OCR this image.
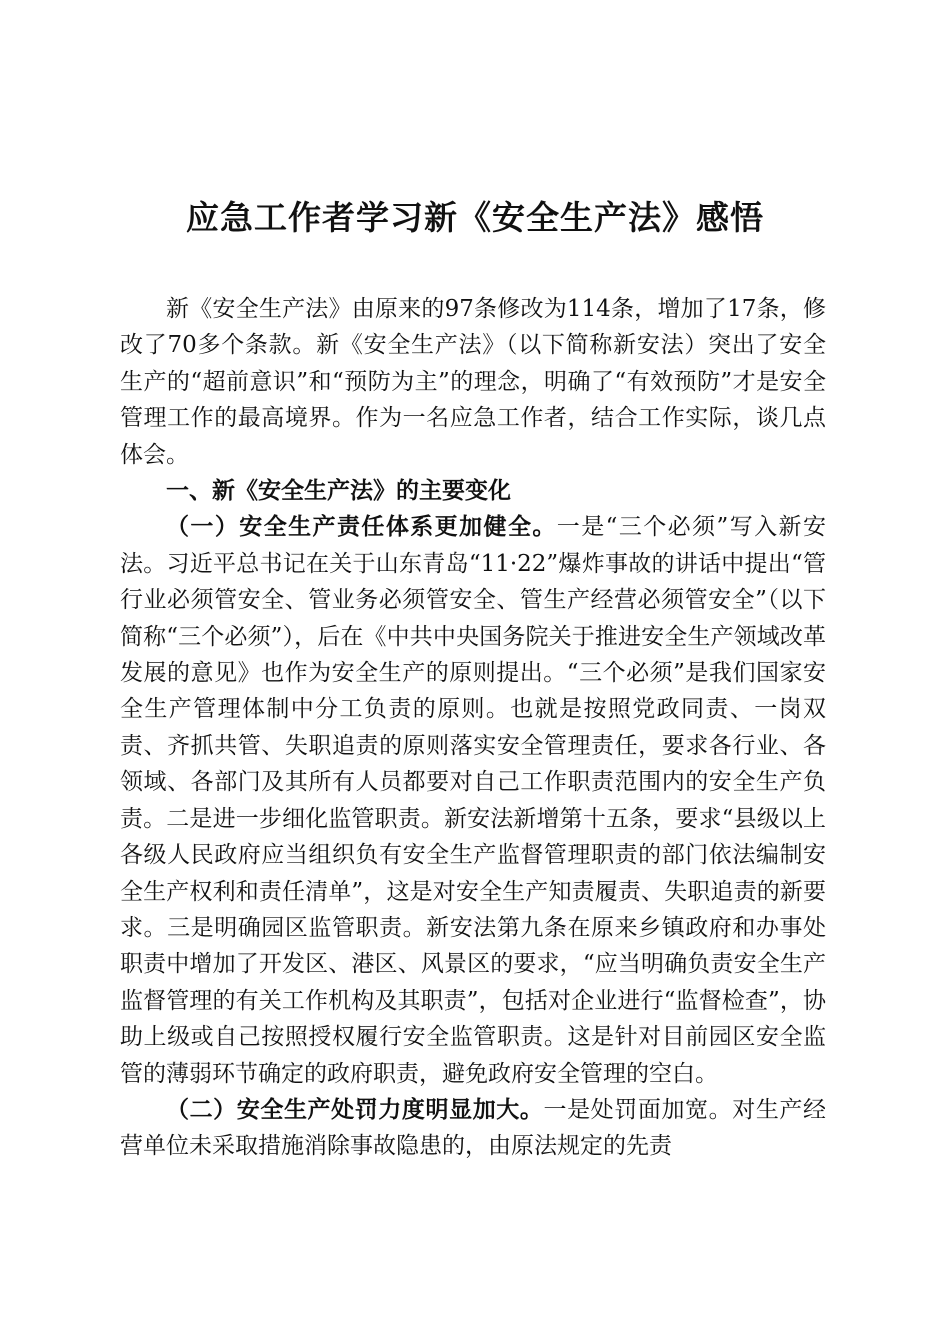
应急工作者学习新《安全生产法》感悟

新《安全生产法》由原来的97条修改为114条，增加了17条，修改了70多个条款。新《安全生产法》（以下简称新安法）突出了安全生产的“超前意识”和“预防为主”的理念，明确了“有效预防”才是安全管理工作的最高境界。作为一名应急工作者，结合工作实际，谈几点体会。

一、新《安全生产法》的主要变化

（一）安全生产责任体系更加健全。一是“三个必须”写入新安法。习近平总书记在关于山东青岛“11·22”爆炸事故的讲话中提出“管行业必须管安全、管业务必须管安全、管生产经营必须管安全”（以下简称“三个必须”），后在《中共中央国务院关于推进安全生产领域改革发展的意见》也作为安全生产的原则提出。“三个必须”是我们国家安全生产管理体制中分工负责的原则。也就是按照党政同责、一岗双责、齐抓共管、失职追责的原则落实安全管理责任，要求各行业、各领域、各部门及其所有人员都要对自己工作职责范围内的安全生产负责。二是进一步细化监管职责。新安法新增第十五条，要求“县级以上各级人民政府应当组织负有安全生产监督管理职责的部门依法编制安全生产权利和责任清单”，这是对安全生产知责履责、失职追责的新要求。三是明确园区监管职责。新安法第九条在原来乡镇政府和办事处职责中增加了开发区、港区、风景区的要求，“应当明确负责安全生产监督管理的有关工作机构及其职责”，包括对企业进行“监督检查”，协助上级或自己按照授权履行安全监管职责。这是针对目前园区安全监管的薄弱环节确定的政府职责，避免政府安全管理的空白。

（二）安全生产处罚力度明显加大。一是处罚面加宽。对生产经营单位未采取措施消除事故隐患的，由原法规定的先责
